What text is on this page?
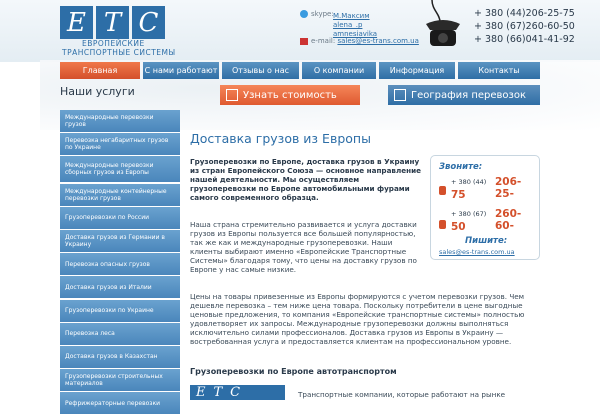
E T C
ЕВРОПЕЙСКИЕ
ТРАНСПОРТНЫЕ СИСТЕМЫ
skype: M.Максим
alena_.p
amnesiavika
e-mail: sales@es-trans.com.ua
+ 380 (44)206-25-75
+ 380 (67)260-60-50
+ 380 (66)041-41-92
Главная	С нами работают	Отзывы о нас	О компании	Информация	Контакты
Наши услуги
Международные перевозки грузов
Перевозка негабаритных грузов по Украине
Международные перевозки сборных грузов из Европы
Международные контейнерные перевозки грузов
Грузоперевозки по России
Доставка грузов из Германии в Украину
Перевозка опасных грузов
Доставка грузов из Италии
Грузоперевозки по Украине
Перевозка леса
Доставка грузов в Казахстан
Грузоперевозки строительных материалов
Рефрижераторные перевозки
Узнать стоимость	География перевозок
Доставка грузов из Европы
Грузоперевозки по Европе, доставка грузов в Украину из стран Европейского Союза — основное направление нашей деятельности. Мы осуществляем грузоперевозки по Европе автомобильными фурами самого современного образца.
Наша страна стремительно развивается и услуга доставки грузов из Европы пользуется все большей популярностью, так же как и международные грузоперевозки. Наши клиенты выбирают именно «Европейские Транспортные Системы» благодаря тому, что цены на доставку грузов по Европе у нас самые низкие.
Цены на товары привезенные из Европы формируются с учетом перевозки грузов. Чем дешевле перевозка – тем ниже цена товара. Поскольку потребители в цене выгодные ценовые предложения, то компания «Европейские транспортные системы» полностью удовлетворяет их запросы. Международные грузоперевозки должны выполняться исключительно силами профессионалов. Доставка грузов из Европы в Украину — востребованная услуга и предоставляется клиентам на профессиональном уровне.
Грузоперевозки по Европе автотранспортом
ETC	Транспортные компании, которые работают на рынке
Звоните:
+ 380 (44) 206-25-
75
+ 380 (67) 260-60-
50
Пишите:
sales@es-trans.com.ua
